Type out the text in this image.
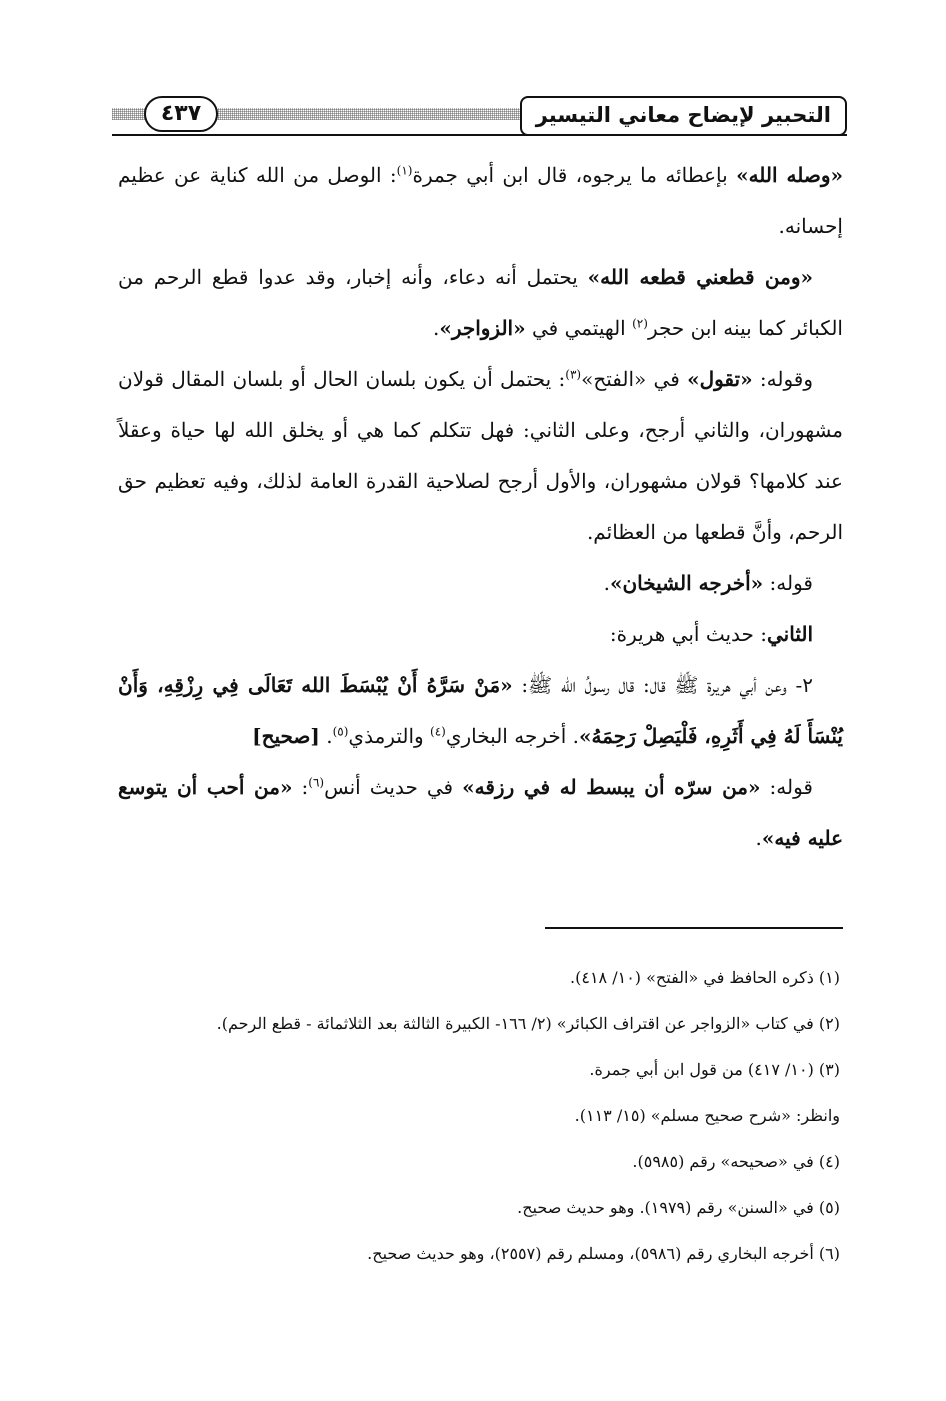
التحبير لإيضاح معاني التيسير
٤٣٧

«وصله الله» بإعطائه ما يرجوه، قال ابن أبي جمرة$^{(١)}$: الوصل من الله كناية عن عظيم إحسانه.

«ومن قطعني قطعه الله» يحتمل أنه دعاء، وأنه إخبار، وقد عدوا قطع الرحم من الكبائر كما بينه ابن حجر$^{(٢)}$ الهيتمي في «الزواجر».

وقوله: «تقول» في «الفتح»$^{(٣)}$: يحتمل أن يكون بلسان الحال أو بلسان المقال قولان مشهوران، والثاني أرجح، وعلى الثاني: فهل تتكلم كما هي أو يخلق الله لها حياة وعقلاً عند كلامها؟ قولان مشهوران، والأول أرجح لصلاحية القدرة العامة لذلك، وفيه تعظيم حق الرحم، وأنَّ قطعها من العظائم.

قوله: «أخرجه الشيخان».

الثاني: حديث أبي هريرة:

٢- وعن أبي هريرة ﷺ قال: قال رسولُ الله ﷺ: «مَنْ سَرَّهُ أَنْ يُبْسَطَ الله تَعَالَى فِي رِزْقِهِ، وَأَنْ يُنْسَأَ لَهُ فِي أَثَرِهِ، فَلْيَصِلْ رَحِمَهُ». أخرجه البخاري$^{(٤)}$ والترمذي$^{(٥)}$. [صحيح]

قوله: «من سرّه أن يبسط له في رزقه» في حديث أنس$^{(٦)}$: «من أحب أن يتوسع عليه فيه».

(١) ذكره الحافظ في «الفتح» (١٠/ ٤١٨).
(٢) في كتاب «الزواجر عن اقتراف الكبائر» (٢/ ١٦٦- الكبيرة الثالثة بعد الثلاثمائة - قطع الرحم).
(٣) (١٠/ ٤١٧) من قول ابن أبي جمرة.
وانظر: «شرح صحيح مسلم» (١٥/ ١١٣).
(٤) في «صحيحه» رقم (٥٩٨٥).
(٥) في «السنن» رقم (١٩٧٩). وهو حديث صحيح.
(٦) أخرجه البخاري رقم (٥٩٨٦)، ومسلم رقم (٢٥٥٧)، وهو حديث صحيح.
